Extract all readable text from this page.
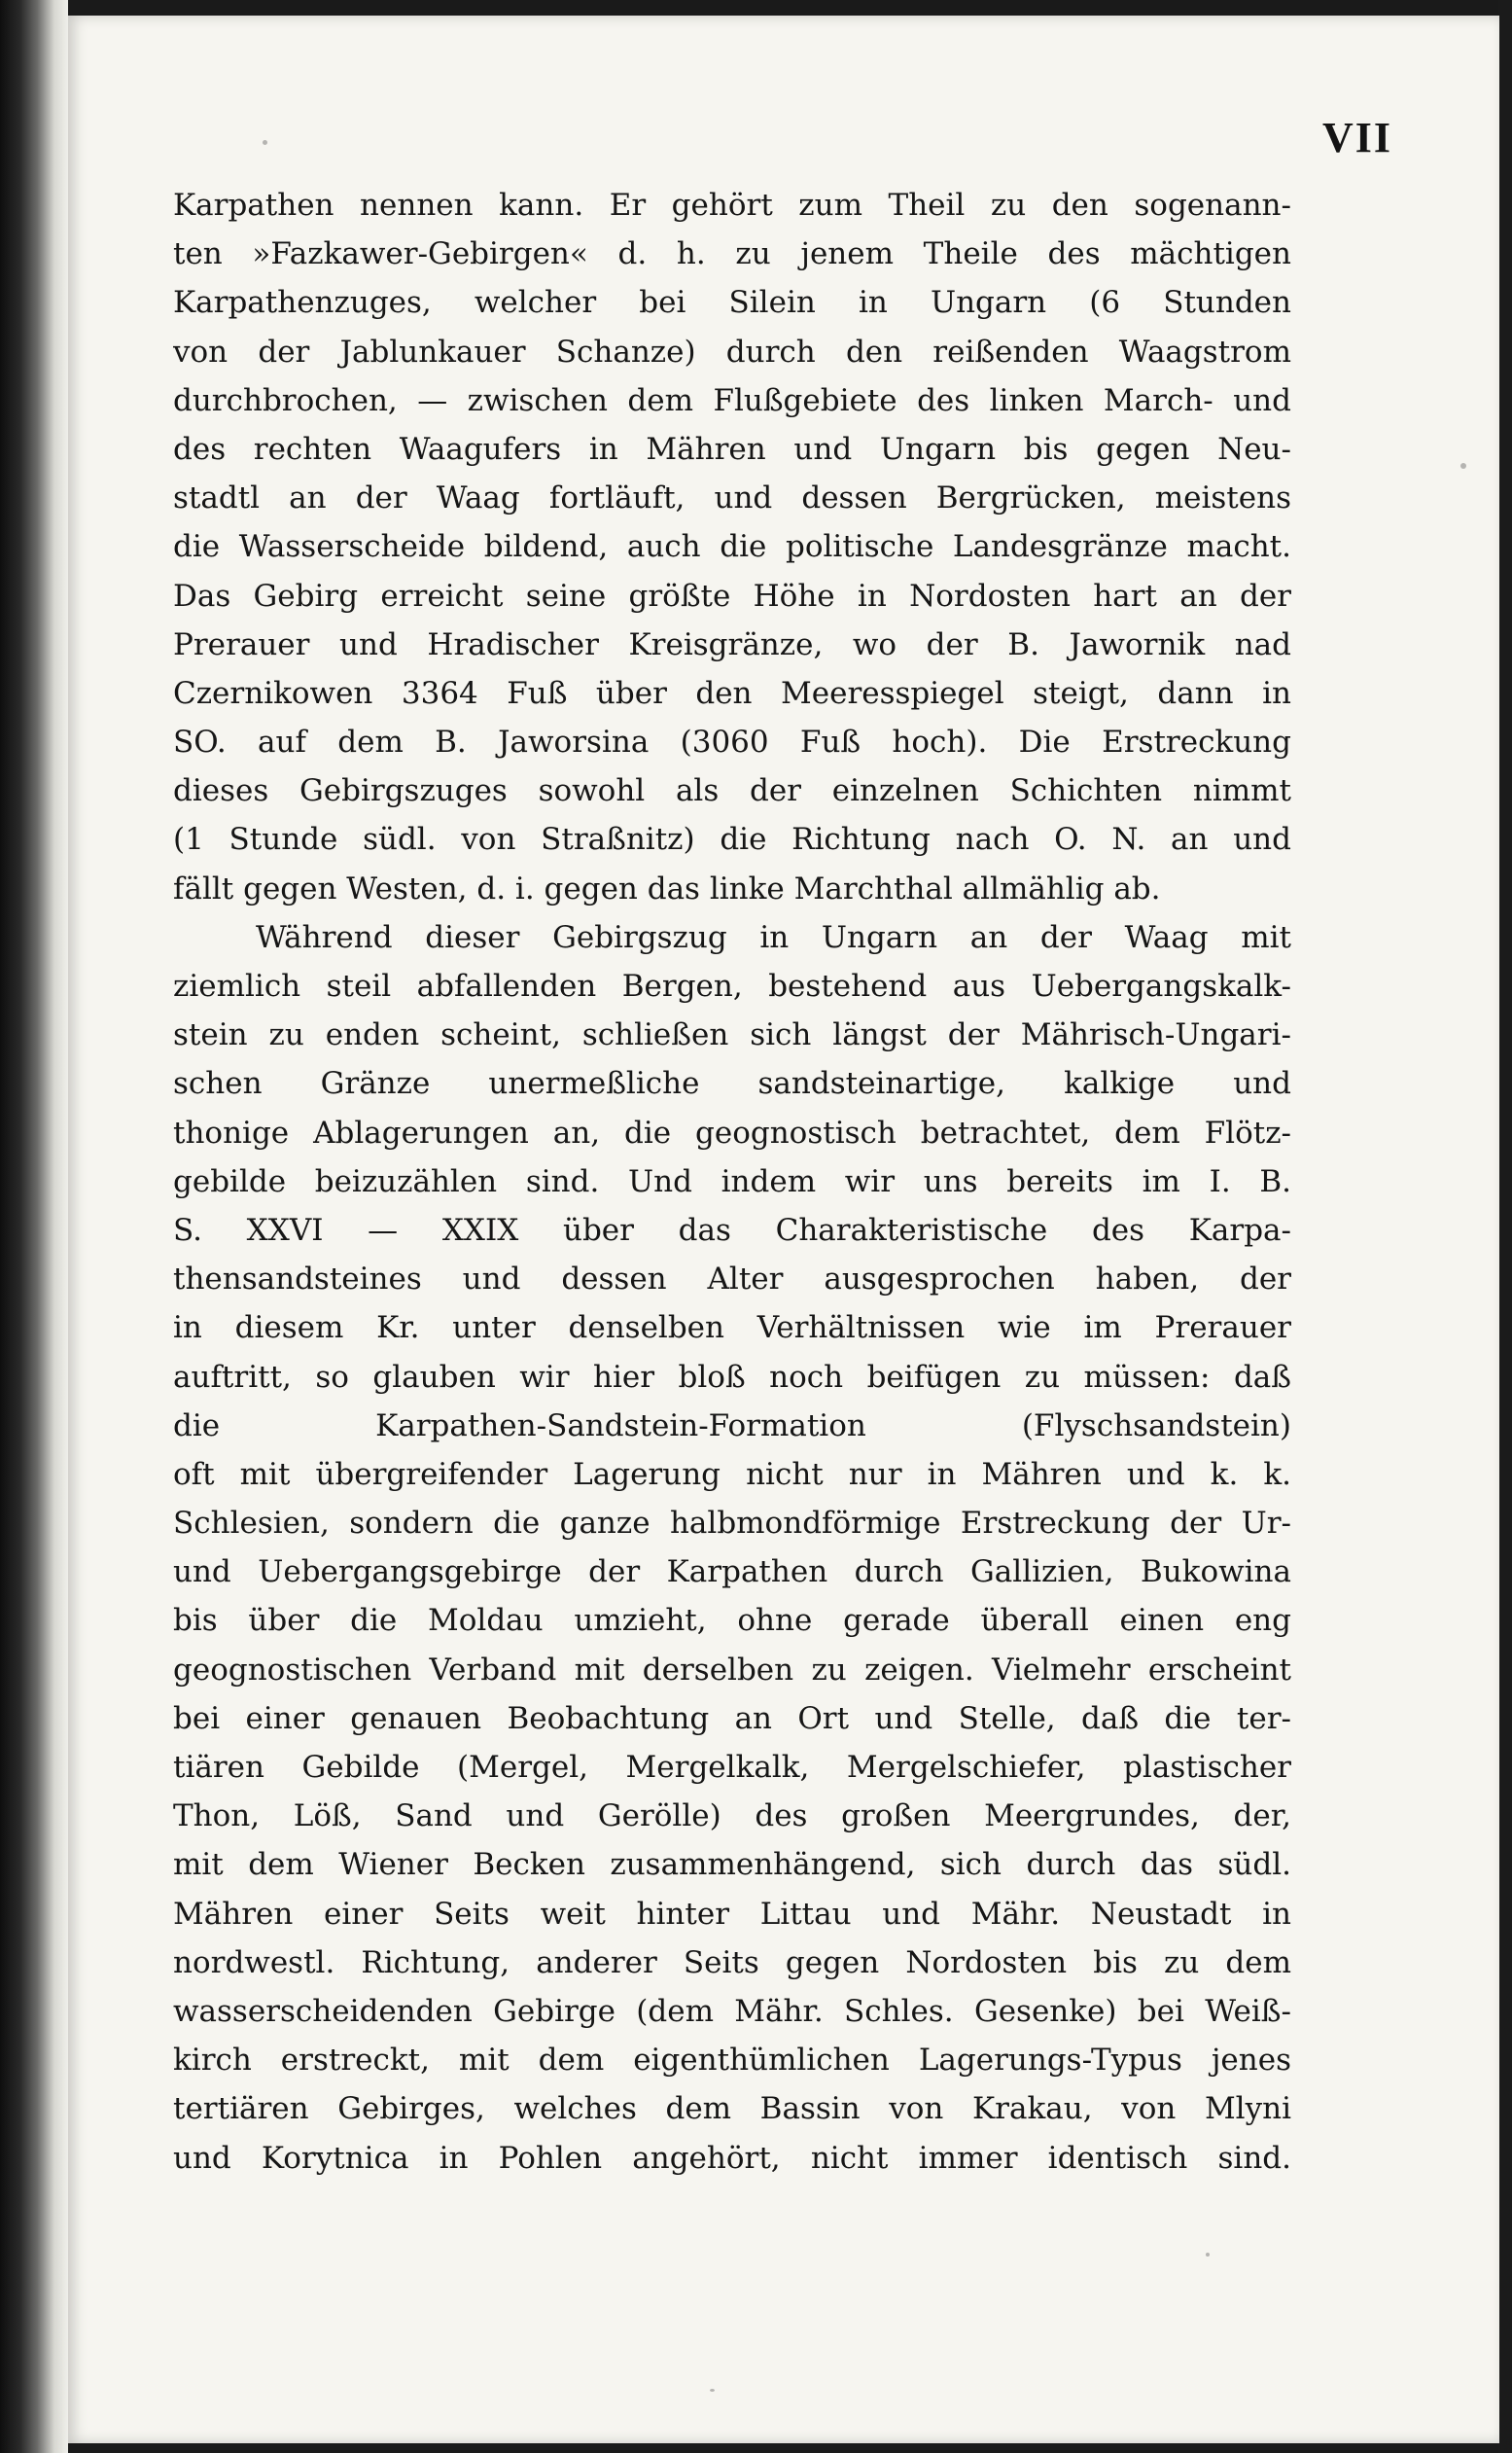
VII
Karpathen nennen kann. Er gehört zum Theil zu den sogenann-
ten »Fazkawer-Gebirgen« d. h. zu jenem Theile des mächtigen
Karpathenzuges, welcher bei Silein in Ungarn (6 Stunden
von der Jablunkauer Schanze) durch den reißenden Waagstrom
durchbrochen, — zwischen dem Flußgebiete des linken March- und
des rechten Waagufers in Mähren und Ungarn bis gegen Neu-
stadtl an der Waag fortläuft, und dessen Bergrücken, meistens
die Wasserscheide bildend, auch die politische Landesgränze macht.
Das Gebirg erreicht seine größte Höhe in Nordosten hart an der
Prerauer und Hradischer Kreisgränze, wo der B. Jawornik nad
Czernikowen 3364 Fuß über den Meeresspiegel steigt, dann in
SO. auf dem B. Jaworsina (3060 Fuß hoch). Die Erstreckung
dieses Gebirgszuges sowohl als der einzelnen Schichten nimmt
(1 Stunde südl. von Straßnitz) die Richtung nach O. N. an und
fällt gegen Westen, d. i. gegen das linke Marchthal allmählig ab.
Während dieser Gebirgszug in Ungarn an der Waag mit
ziemlich steil abfallenden Bergen, bestehend aus Uebergangskalk-
stein zu enden scheint, schließen sich längst der Mährisch-Ungari-
schen Gränze unermeßliche sandsteinartige, kalkige und
thonige Ablagerungen an, die geognostisch betrachtet, dem Flötz-
gebilde beizuzählen sind. Und indem wir uns bereits im I. B.
S. XXVI — XXIX über das Charakteristische des Karpa-
thensandsteines und dessen Alter ausgesprochen haben, der
in diesem Kr. unter denselben Verhältnissen wie im Prerauer
auftritt, so glauben wir hier bloß noch beifügen zu müssen: daß
die Karpathen-Sandstein-Formation (Flyschsandstein)
oft mit übergreifender Lagerung nicht nur in Mähren und k. k.
Schlesien, sondern die ganze halbmondförmige Erstreckung der Ur-
und Uebergangsgebirge der Karpathen durch Gallizien, Bukowina
bis über die Moldau umzieht, ohne gerade überall einen eng
geognostischen Verband mit derselben zu zeigen. Vielmehr erscheint
bei einer genauen Beobachtung an Ort und Stelle, daß die ter-
tiären Gebilde (Mergel, Mergelkalk, Mergelschiefer, plastischer
Thon, Löß, Sand und Gerölle) des großen Meergrundes, der,
mit dem Wiener Becken zusammenhängend, sich durch das südl.
Mähren einer Seits weit hinter Littau und Mähr. Neustadt in
nordwestl. Richtung, anderer Seits gegen Nordosten bis zu dem
wasserscheidenden Gebirge (dem Mähr. Schles. Gesenke) bei Weiß-
kirch erstreckt, mit dem eigenthümlichen Lagerungs-Typus jenes
tertiären Gebirges, welches dem Bassin von Krakau, von Mlyni
und Korytnica in Pohlen angehört, nicht immer identisch sind.
